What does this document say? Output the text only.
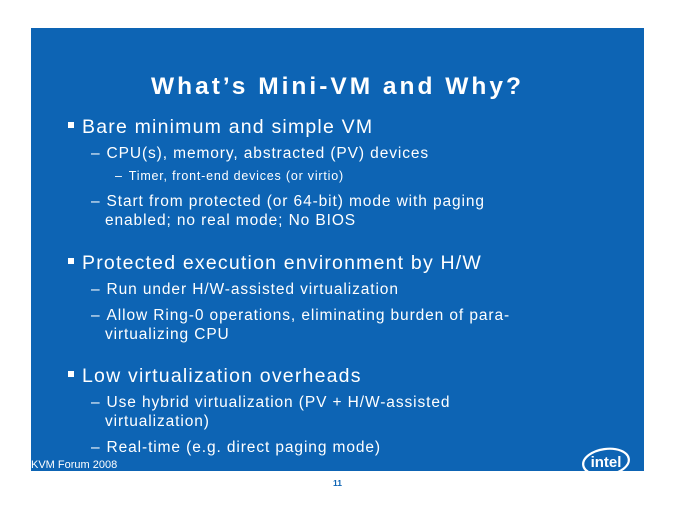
What’s Mini-VM and Why?
Bare minimum and simple VM
– CPU(s), memory, abstracted (PV) devices
– Timer, front-end devices (or virtio)
– Start from protected (or 64-bit) mode with paging
enabled; no real mode; No BIOS
Protected execution environment by H/W
– Run under H/W-assisted virtualization
– Allow Ring-0 operations, eliminating burden of para-
virtualizing CPU
Low virtualization overheads
– Use hybrid virtualization (PV + H/W-assisted
virtualization)
– Real-time (e.g. direct paging mode)
KVM Forum 2008	intel
11
